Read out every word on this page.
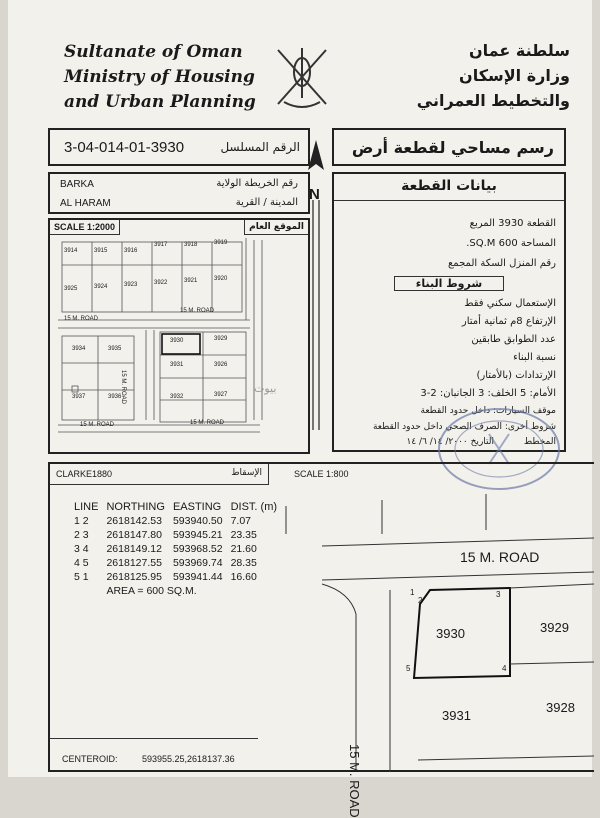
Sultanate of Oman
Ministry of Housing
and Urban Planning
سلطنة عمان
وزارة الإسكان
والتخطيط العمراني
3-04-014-01-3930	الرقم المسلسل	رسم مساحي لقطعة أرض
BARKA	رقم الخريطة الولاية
AL HARAM	المدينة / القرية N	بيانات القطعة
القطعة 3930 المربع
المساحة 600 SQ.M.
رقم المنزل السكة المجمع
شروط البناء
الإستعمال سكني فقط
الإرتفاع 8م ثمانية أمتار
عدد الطوابق طابقين
نسبة البناء
الإرتدادات (بالأمتار)
الأمام: 5 الخلف: 3 الجانبان: 2-3
موقف السيارات: داخل حدود القطعة
شروط أخرى: الصرف الصحي داخل حدود القطعة
المخطط
التاريخ ٢٠٠٠/ ١٤/ ٦/ ١٤
SCALE 1:2000	الموقع العام
3914	3915	3916
3917	3918	3919
3925	3924	3923	3922	3921	3920
15 M. ROAD
15 M. ROAD
3934	3935
3930	3929
3931	3926
3937	3936	3932	3927
15 M. ROAD	15 M. ROAD
15 M. ROAD
CLARKE1880	الإسقاط	SCALE 1:800
15 M. ROAD
15 M. ROAD
3930	3929
3931
3928
1
2
3
4
5
CENTEROID:	593955.25,2618137.36
LINE	NORTHING	EASTING	DIST. (m)
1 2	2618142.53	593940.50	7.07
2 3	2618147.80	593945.21	23.35
3 4	2618149.12	593968.52	21.60
4 5	2618127.55	593969.74	28.35
5 1	2618125.95	593941.44	16.60
	AREA = 600 SQ.M.		
بيوت
